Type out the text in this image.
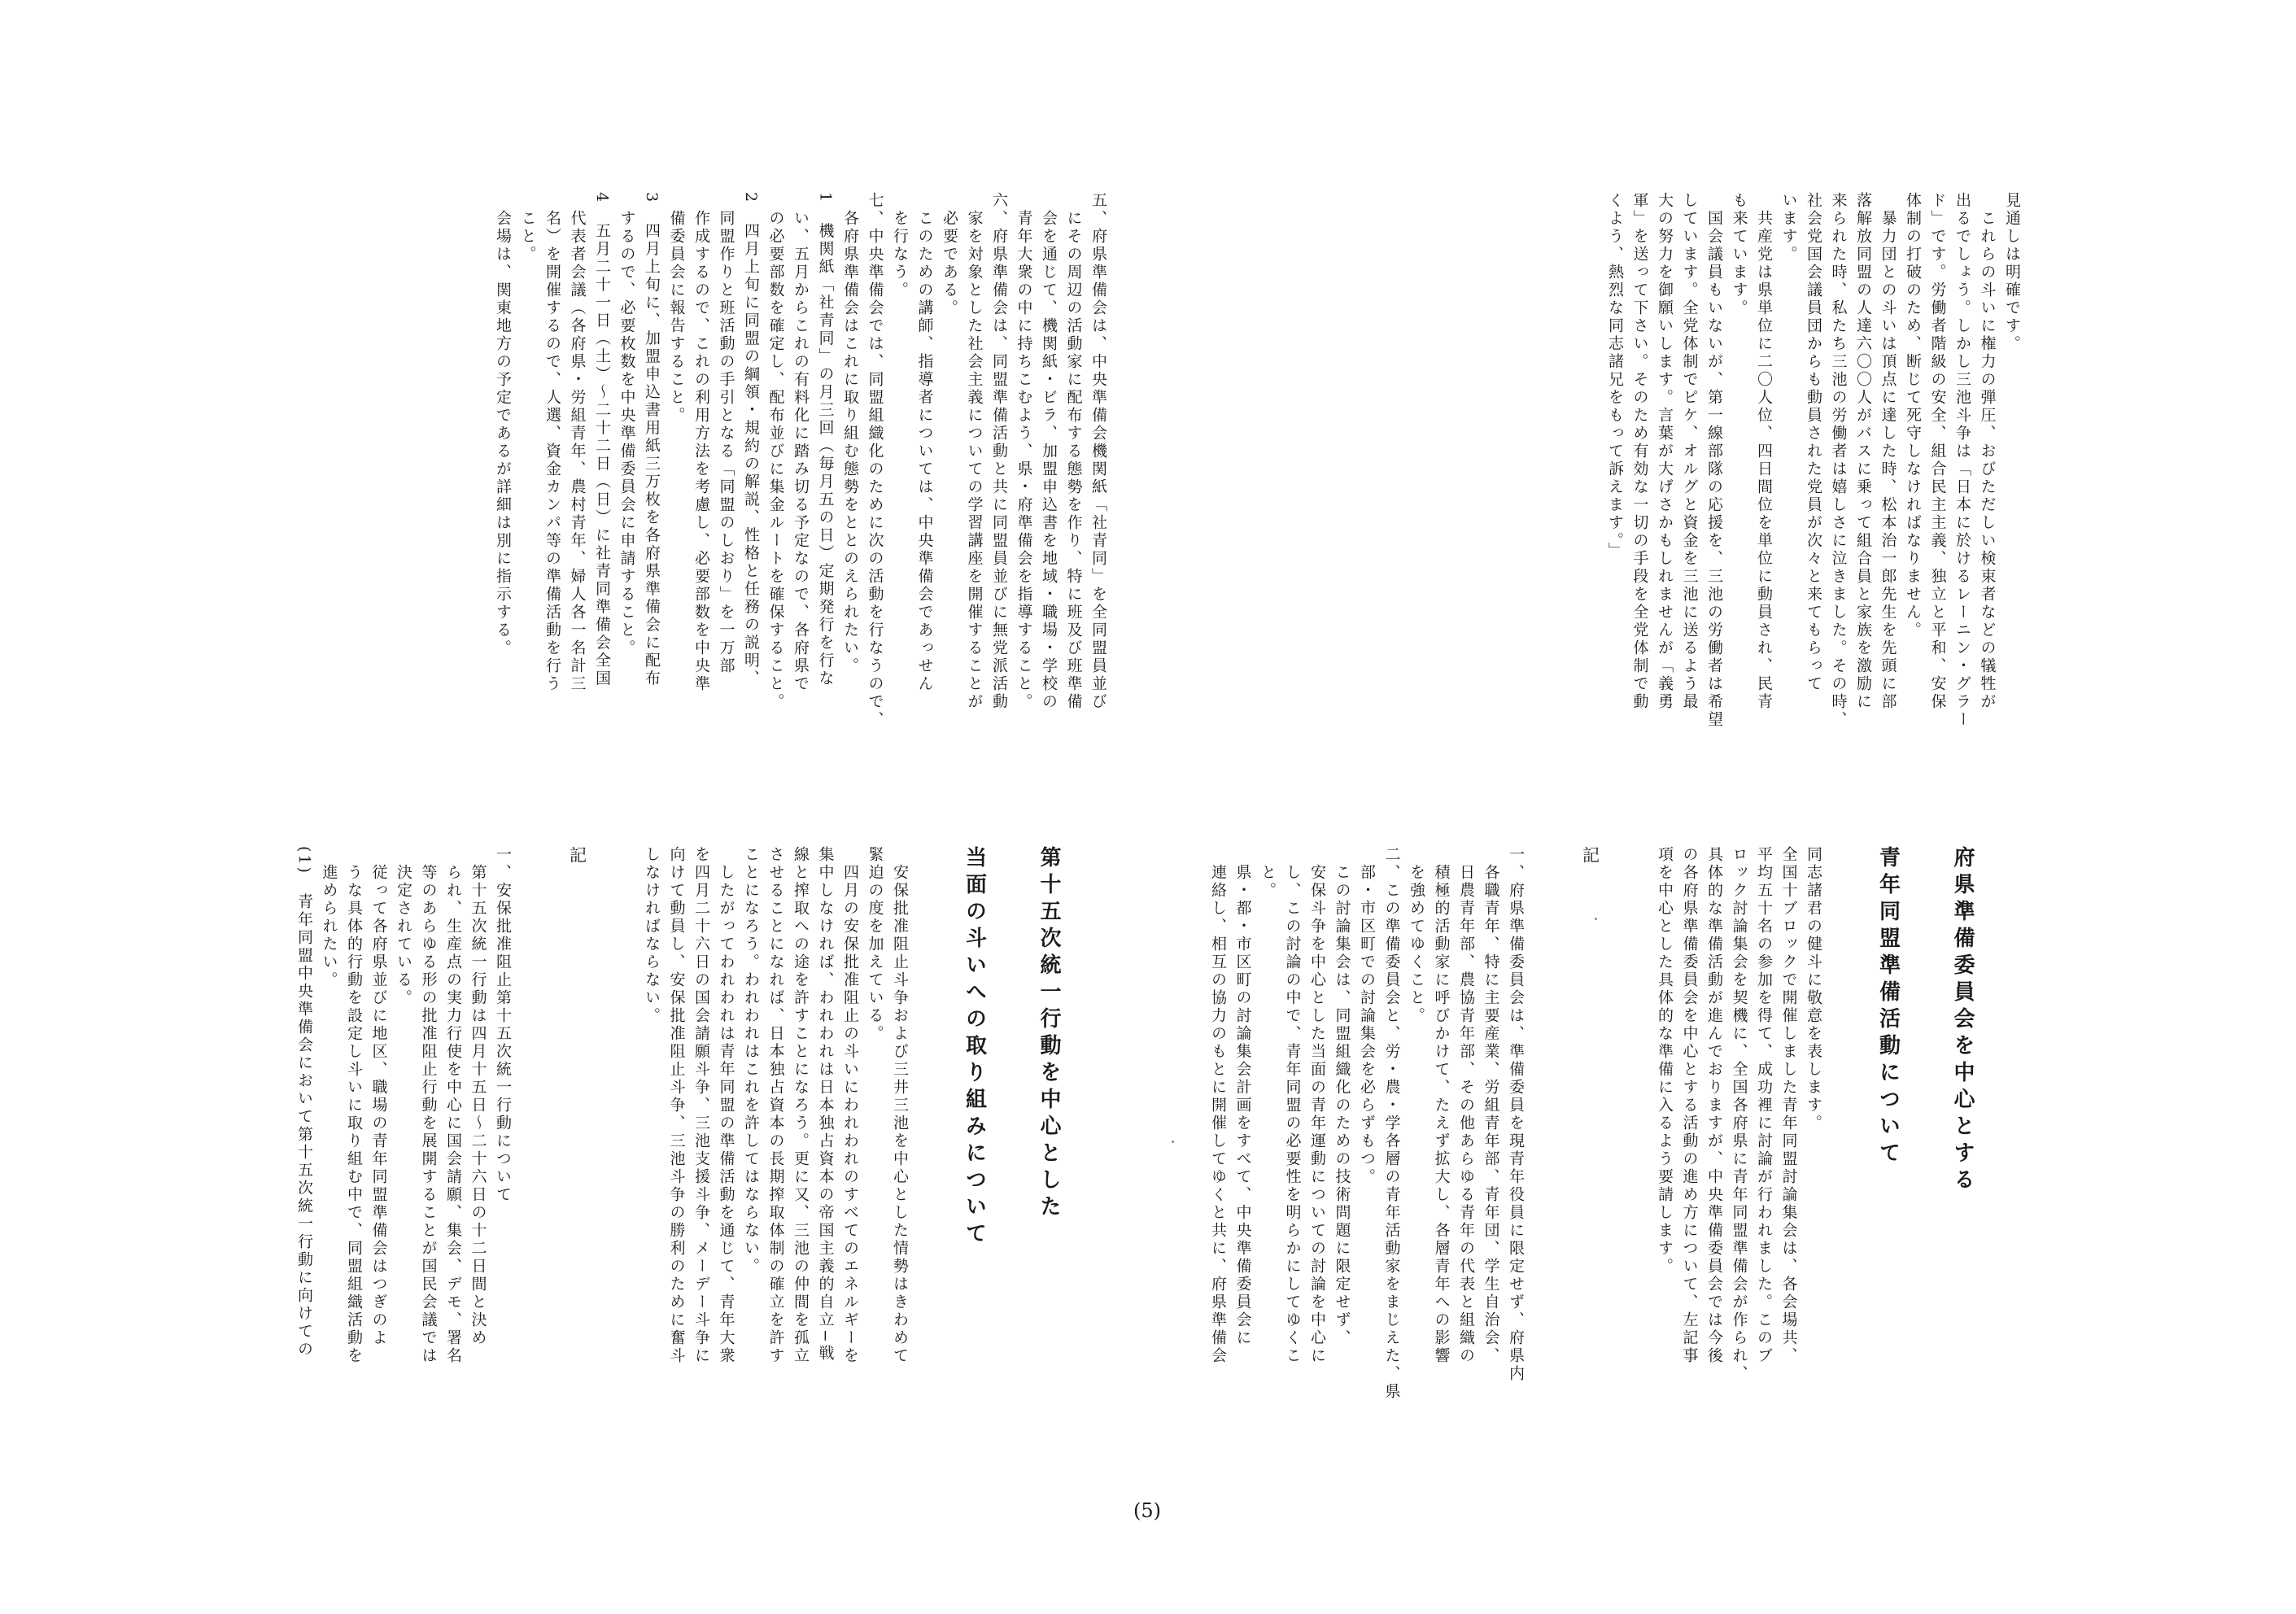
見通しは明確です。

　これらの斗いに権力の弾圧、おびただしい検束者などの犠牲が

出るでしょう。しかし三池斗争は「日本に於けるレーニン・グラー

ド」です。労働者階級の安全、組合民主主義、独立と平和、安保

体制の打破のため、断じて死守しなければなりません。

　暴力団との斗いは頂点に達した時、松本治一郎先生を先頭に部

落解放同盟の人達六〇〇人がバスに乗って組合員と家族を激励に

来られた時、私たち三池の労働者は嬉しさに泣きました。その時、

社会党国会議員団からも動員された党員が次々と来てもらって

います。

　共産党は県単位に二〇人位、四日間位を単位に動員され、民青

も来ています。

　国会議員もいないが、第一線部隊の応援を、三池の労働者は希望

しています。全党体制でピケ、オルグと資金を三池に送るよう最

大の努力を御願いします。言葉が大げさかもしれませんが「義勇

軍」を送って下さい。そのため有効な一切の手段を全党体制で動

くよう、熱烈な同志諸兄をもって訴えます。」

府県準備委員会を中心とする

青年同盟準備活動について

同志諸君の健斗に敬意を表します。

全国十ブロックで開催しました青年同盟討論集会は、各会場共、

平均五十名の参加を得て、成功裡に討論が行われました。このブ

ロック討論集会を契機に、全国各府県に青年同盟準備会が作られ、

具体的な準備活動が進んでおりますが、中央準備委員会では今後

の各府県準備委員会を中心とする活動の進め方について、左記事

項を中心とした具体的な準備に入るよう要請します。

記

一、府県準備委員会は、準備委員を現青年役員に限定せず、府県内

　各職青年、特に主要産業、労組青年部、青年団、学生自治会、

　日農青年部、農協青年部、その他あらゆる青年の代表と組織の

　積極的活動家に呼びかけて、たえず拡大し、各層青年への影響

　を強めてゆくこと。

二、この準備委員会と、労・農・学各層の青年活動家をまじえた、県

　部・市区町での討論集会を必らずもつ。

　この討論集会は、同盟組織化のための技術問題に限定せず、

　安保斗争を中心とした当面の青年運動についての討論を中心に

　し、この討論の中で、青年同盟の必要性を明らかにしてゆくこ

　と。

　県・都・市区町の討論集会計画をすべて、中央準備委員会に

　連絡し、相互の協力のもとに開催してゆくと共に、府県準備会

五、府県準備会は、中央準備会機関紙「社青同」を全同盟員並び

　にその周辺の活動家に配布する態勢を作り、特に班及び班準備

　会を通じて、機関紙・ビラ、加盟申込書を地域・職場・学校の

　青年大衆の中に持ちこむよう、県・府準備会を指導すること。

六、府県準備会は、同盟準備活動と共に同盟員並びに無党派活動

　家を対象とした社会主義についての学習講座を開催することが

　必要である。

　このための講師、指導者については、中央準備会であっせん

　を行なう。

七、中央準備会では、同盟組織化のために次の活動を行なうので、

　各府県準備会はこれに取り組む態勢をととのえられたい。

1　機関紙「社青同」の月三回（毎月五の日）定期発行を行な

　い、五月からこれの有料化に踏み切る予定なので、各府県で

　の必要部数を確定し、配布並びに集金ルートを確保すること。

2　四月上旬に同盟の綱領・規約の解説、性格と任務の説明、

　同盟作りと班活動の手引となる「同盟のしおり」を一万部

　作成するので、これの利用方法を考慮し、必要部数を中央準

　備委員会に報告すること。

3　四月上旬に、加盟申込書用紙三万枚を各府県準備会に配布

　するので、必要枚数を中央準備委員会に申請すること。

4　五月二十一日（土）〜二十二日（日）に社青同準備会全国

　代表者会議（各府県・労組青年、農村青年、婦人各一名計三

　名）を開催するので、人選、資金カンパ等の準備活動を行う

　こと。

　会場は、関東地方の予定であるが詳細は別に指示する。

第十五次統一行動を中心とした

当面の斗いへの取り組みについて

　安保批准阻止斗争および三井三池を中心とした情勢はきわめて

緊迫の度を加えている。

　四月の安保批准阻止の斗いにわれわれのすべてのエネルギーを

集中しなければ、われわれは日本独占資本の帝国主義的自立−戦

線と搾取への途を許すことになろう。更に又、三池の仲間を孤立

させることになれば、日本独占資本の長期搾取体制の確立を許す

ことになろう。われわれはこれを許してはならない。

　したがってわれわれは青年同盟の準備活動を通じて、青年大衆

を四月二十六日の国会請願斗争、三池支援斗争、メーデー斗争に

向けて動員し、安保批准阻止斗争、三池斗争の勝利のために奮斗

しなければならない。

記

一、安保批准阻止第十五次統一行動について

　第十五次統一行動は四月十五日〜二十六日の十二日間と決め

　られ、生産点の実力行使を中心に国会請願、集会、デモ、署名

　等のあらゆる形の批准阻止行動を展開することが国民会議では

　決定されている。

　従って各府県並びに地区、職場の青年同盟準備会はつぎのよ

　うな具体的行動を設定し斗いに取り組む中で、同盟組織活動を

　進められたい。

(1)　青年同盟中央準備会において第十五次統一行動に向けての

(5)
